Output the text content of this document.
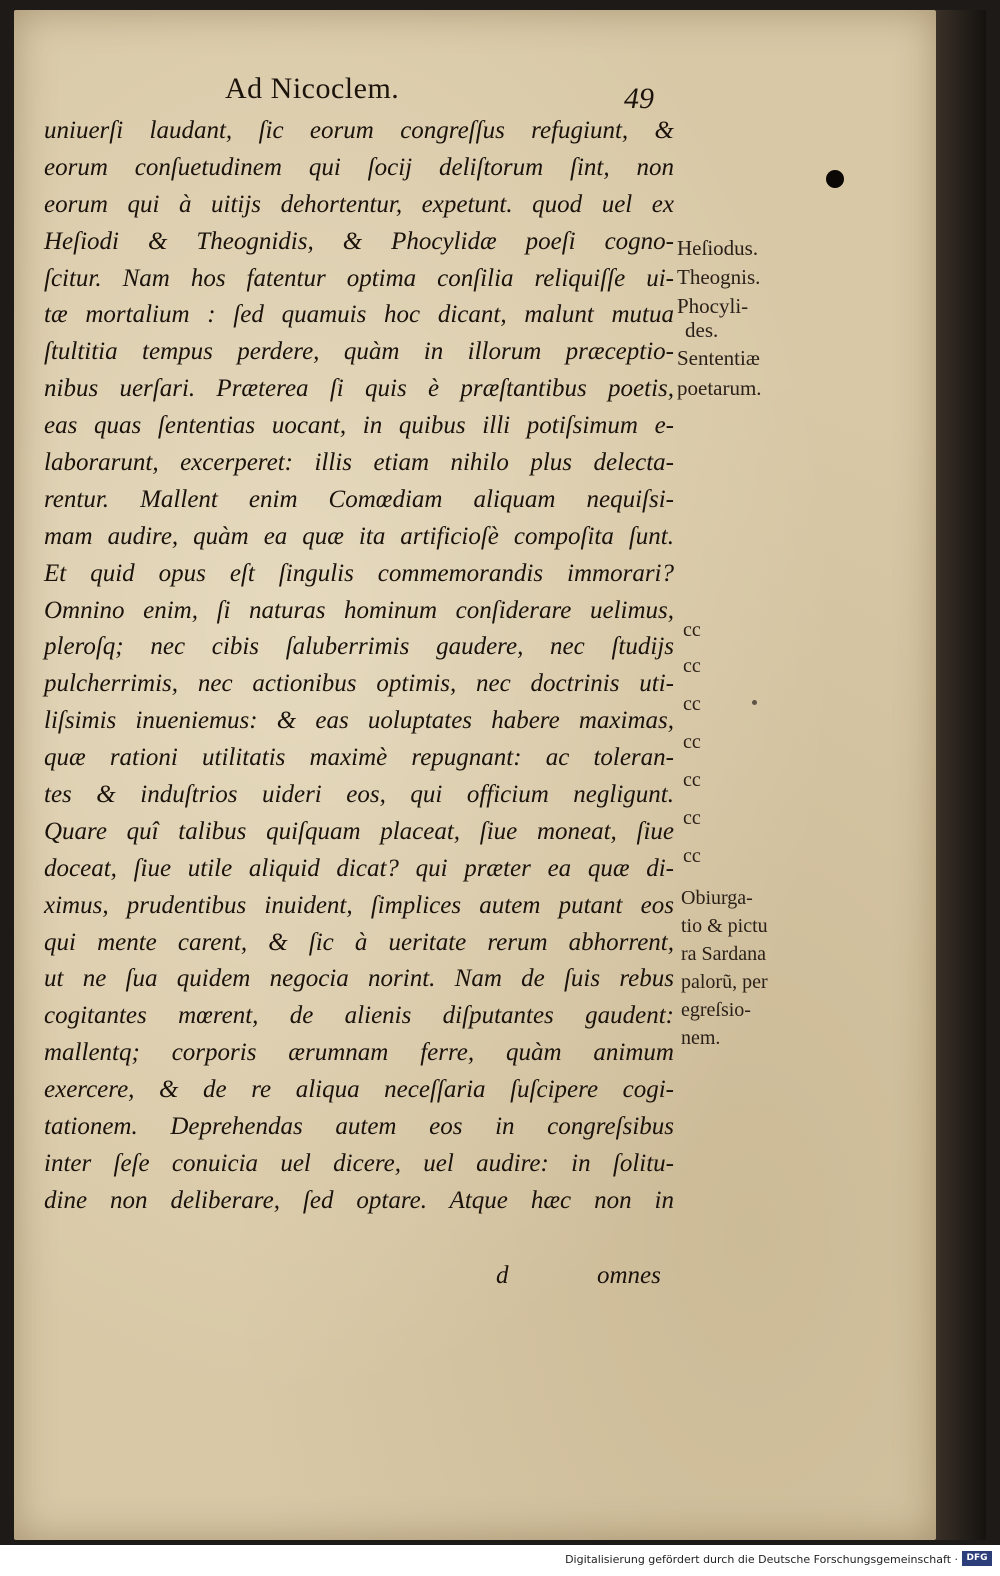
Ad Nicoclem.	49
uniuerſi laudant, ſic eorum congreſſus refugiunt, &
eorum conſuetudinem qui ſocij deliſtorum ſint, non
eorum qui à uitijs dehortentur, expetunt. quod uel ex
Heſiodi & Theognidis, & Phocylidæ poeſi cogno-
ſcitur. Nam hos fatentur optima conſilia reliquiſſe ui-
tæ mortalium : ſed quamuis hoc dicant, malunt mutua
ſtultitia tempus perdere, quàm in illorum præceptio-
nibus uerſari. Præterea ſi quis è præſtantibus poetis,
eas quas ſententias uocant, in quibus illi potiſsimum e-
laborarunt, excerperet: illis etiam nihilo plus delecta-
rentur. Mallent enim Comœdiam aliquam nequiſsi-
mam audire, quàm ea quæ ita artificioſè compoſita ſunt.
Et quid opus eſt ſingulis commemorandis immorari?
Omnino enim, ſi naturas hominum conſiderare uelimus,
pleroſq; nec cibis ſaluberrimis gaudere, nec ſtudijs
pulcherrimis, nec actionibus optimis, nec doctrinis uti-
liſsimis inueniemus: & eas uoluptates habere maximas,
quæ rationi utilitatis maximè repugnant: ac toleran-
tes & induſtrios uideri eos, qui officium negligunt.
Quare quî talibus quiſquam placeat, ſiue moneat, ſiue
doceat, ſiue utile aliquid dicat? qui præter ea quæ di-
ximus, prudentibus inuident, ſimplices autem putant eos
qui mente carent, & ſic à ueritate rerum abhorrent,
ut ne ſua quidem negocia norint. Nam de ſuis rebus
cogitantes mœrent, de alienis diſputantes gaudent:
mallentq; corporis ærumnam ferre, quàm animum
exercere, & de re aliqua neceſſaria ſuſcipere cogi-
tationem. Deprehendas autem eos in congreſsibus
inter ſeſe conuicia uel dicere, uel audire: in ſolitu-
dine non deliberare, ſed optare. Atque hæc non in
d	omnes
Heſiodus.
Theognis.
Phocyli-
des.
Sententiæ
poetarum.
cc
cc
cc
cc
cc
cc
cc
Obiurga-
tio & pictu
ra Sardana
palorũ, per
egreſsio-
nem.
Digitalisierung gefördert durch die Deutsche Forschungsgemeinschaft · DFG
